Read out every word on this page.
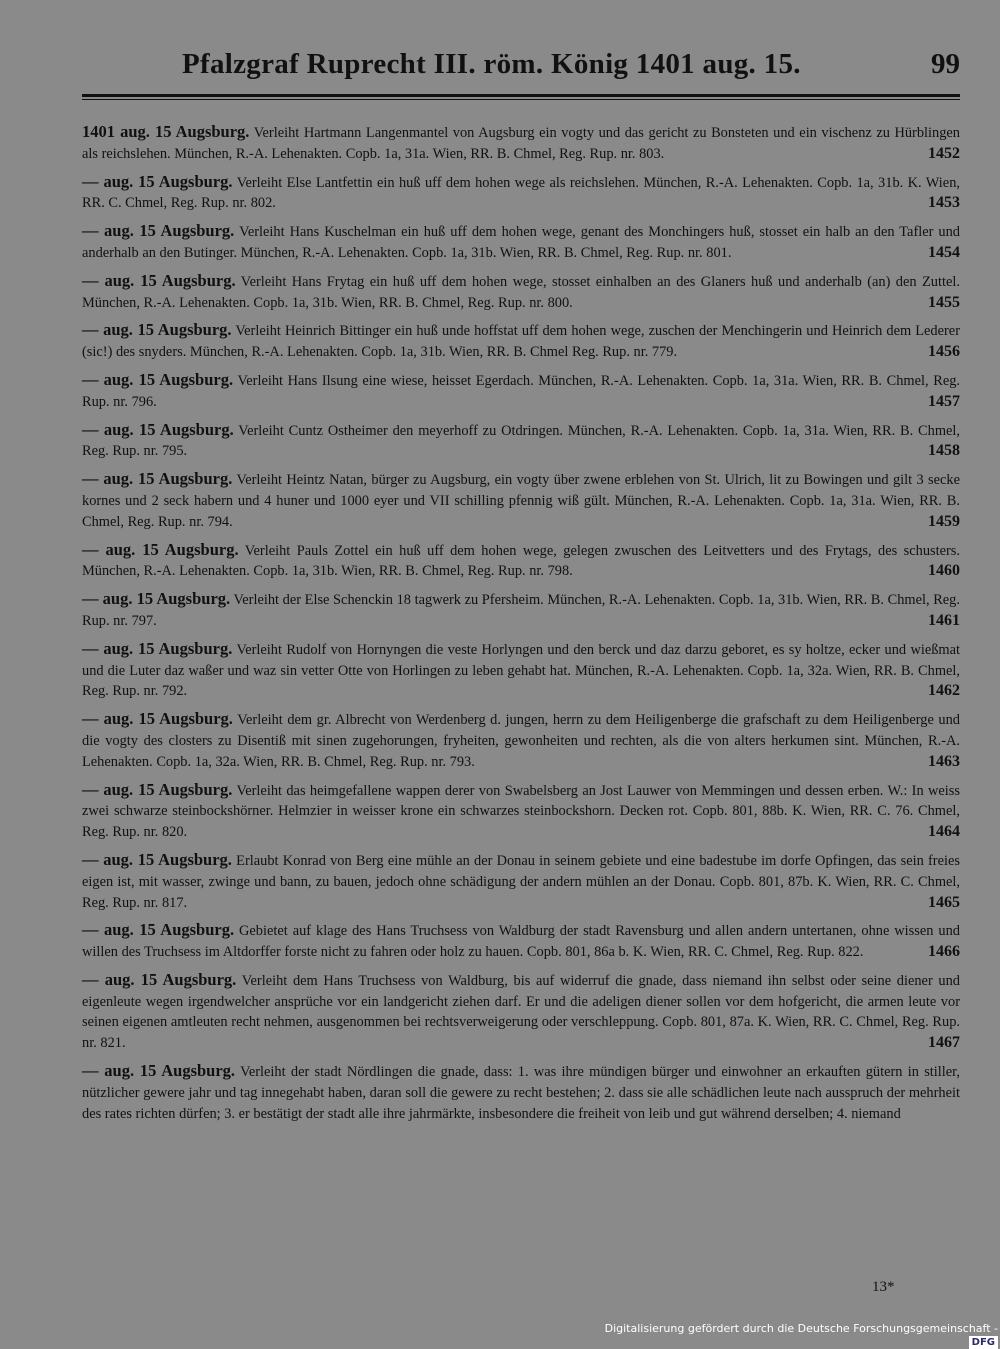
Pfalzgraf Ruprecht III. röm. König 1401 aug. 15.	99
1401 aug. 15 Augsburg. Verleiht Hartmann Langenmantel von Augsburg ein vogty und das gericht zu Bonsteten und ein vischenz zu Hürblingen als reichslehen. München, R.-A. Lehenakten. Copb. 1a, 31a. Wien, RR. B. Chmel, Reg. Rup. nr. 803.	1452
— aug. 15 Augsburg. Verleiht Else Lantfettin ein huß uff dem hohen wege als reichslehen. München, R.-A. Lehenakten. Copb. 1a, 31b. K. Wien, RR. C. Chmel, Reg. Rup. nr. 802.	1453
— aug. 15 Augsburg. Verleiht Hans Kuschelman ein huß uff dem hohen wege, genant des Monchingers huß, stosset ein halb an den Tafler und anderhalb an den Butinger. München, R.-A. Lehenakten. Copb. 1a, 31b. Wien, RR. B. Chmel, Reg. Rup. nr. 801.	1454
— aug. 15 Augsburg. Verleiht Hans Frytag ein huß uff dem hohen wege, stosset einhalben an des Glaners huß und anderhalb (an) den Zuttel. München, R.-A. Lehenakten. Copb. 1a, 31b. Wien, RR. B. Chmel, Reg. Rup. nr. 800.	1455
— aug. 15 Augsburg. Verleiht Heinrich Bittinger ein huß unde hoffstat uff dem hohen wege, zuschen der Menchingerin und Heinrich dem Lederer (sic!) des snyders. München, R.-A. Lehenakten. Copb. 1a, 31b. Wien, RR. B. Chmel Reg. Rup. nr. 779.	1456
— aug. 15 Augsburg. Verleiht Hans Ilsung eine wiese, heisset Egerdach. München, R.-A. Lehenakten. Copb. 1a, 31a. Wien, RR. B. Chmel, Reg. Rup. nr. 796.	1457
— aug. 15 Augsburg. Verleiht Cuntz Ostheimer den meyerhoff zu Otdringen. München, R.-A. Lehenakten. Copb. 1a, 31a. Wien, RR. B. Chmel, Reg. Rup. nr. 795.	1458
— aug. 15 Augsburg. Verleiht Heintz Natan, bürger zu Augsburg, ein vogty über zwene erblehen von St. Ulrich, lit zu Bowingen und gilt 3 secke kornes und 2 seck habern und 4 huner und 1000 eyer und VII schilling pfennig wiß gült. München, R.-A. Lehenakten. Copb. 1a, 31a. Wien, RR. B. Chmel, Reg. Rup. nr. 794.	1459
— aug. 15 Augsburg. Verleiht Pauls Zottel ein huß uff dem hohen wege, gelegen zwuschen des Leitvetters und des Frytags, des schusters. München, R.-A. Lehenakten. Copb. 1a, 31b. Wien, RR. B. Chmel, Reg. Rup. nr. 798.	1460
— aug. 15 Augsburg. Verleiht der Else Schenckin 18 tagwerk zu Pfersheim. München, R.-A. Lehenakten. Copb. 1a, 31b. Wien, RR. B. Chmel, Reg. Rup. nr. 797.	1461
— aug. 15 Augsburg. Verleiht Rudolf von Hornyngen die veste Horlyngen und den berck und daz darzu geboret, es sy holtze, ecker und wießmat und die Luter daz waßer und waz sin vetter Otte von Horlingen zu leben gehabt hat. München, R.-A. Lehenakten. Copb. 1a, 32a. Wien, RR. B. Chmel, Reg. Rup. nr. 792.	1462
— aug. 15 Augsburg. Verleiht dem gr. Albrecht von Werdenberg d. jungen, herrn zu dem Heiligenberge die grafschaft zu dem Heiligenberge und die vogty des closters zu Disentiß mit sinen zugehorungen, fryheiten, gewonheiten und rechten, als die von alters herkumen sint. München, R.-A. Lehenakten. Copb. 1a, 32a. Wien, RR. B. Chmel, Reg. Rup. nr. 793.	1463
— aug. 15 Augsburg. Verleiht das heimgefallene wappen derer von Swabelsberg an Jost Lauwer von Memmingen und dessen erben. W.: In weiss zwei schwarze steinbockshörner. Helmzier in weisser krone ein schwarzes steinbockshorn. Decken rot. Copb. 801, 88b. K. Wien, RR. C. 76. Chmel, Reg. Rup. nr. 820.	1464
— aug. 15 Augsburg. Erlaubt Konrad von Berg eine mühle an der Donau in seinem gebiete und eine badestube im dorfe Opfingen, das sein freies eigen ist, mit wasser, zwinge und bann, zu bauen, jedoch ohne schädigung der andern mühlen an der Donau. Copb. 801, 87b. K. Wien, RR. C. Chmel, Reg. Rup. nr. 817.	1465
— aug. 15 Augsburg. Gebietet auf klage des Hans Truchsess von Waldburg der stadt Ravensburg und allen andern untertanen, ohne wissen und willen des Truchsess im Altdorffer forste nicht zu fahren oder holz zu hauen. Copb. 801, 86a b. K. Wien, RR. C. Chmel, Reg. Rup. 822.	1466
— aug. 15 Augsburg. Verleiht dem Hans Truchsess von Waldburg, bis auf widerruf die gnade, dass niemand ihn selbst oder seine diener und eigenleute wegen irgendwelcher ansprüche vor ein landgericht ziehen darf. Er und die adeligen diener sollen vor dem hofgericht, die armen leute vor seinen eigenen amtleuten recht nehmen, ausgenommen bei rechtsverweigerung oder verschleppung. Copb. 801, 87a. K. Wien, RR. C. Chmel, Reg. Rup. nr. 821.	1467
— aug. 15 Augsburg. Verleiht der stadt Nördlingen die gnade, dass: 1. was ihre mündigen bürger und einwohner an erkauften gütern in stiller, nützlicher gewere jahr und tag innegehabt haben, daran soll die gewere zu recht bestehen; 2. dass sie alle schädlichen leute nach ausspruch der mehrheit des rates richten dürfen; 3. er bestätigt der stadt alle ihre jahrmärkte, insbesondere die freiheit von leib und gut während derselben; 4. niemand
13*
Digitalisierung gefördert durch die Deutsche Forschungsgemeinschaft -DFG
